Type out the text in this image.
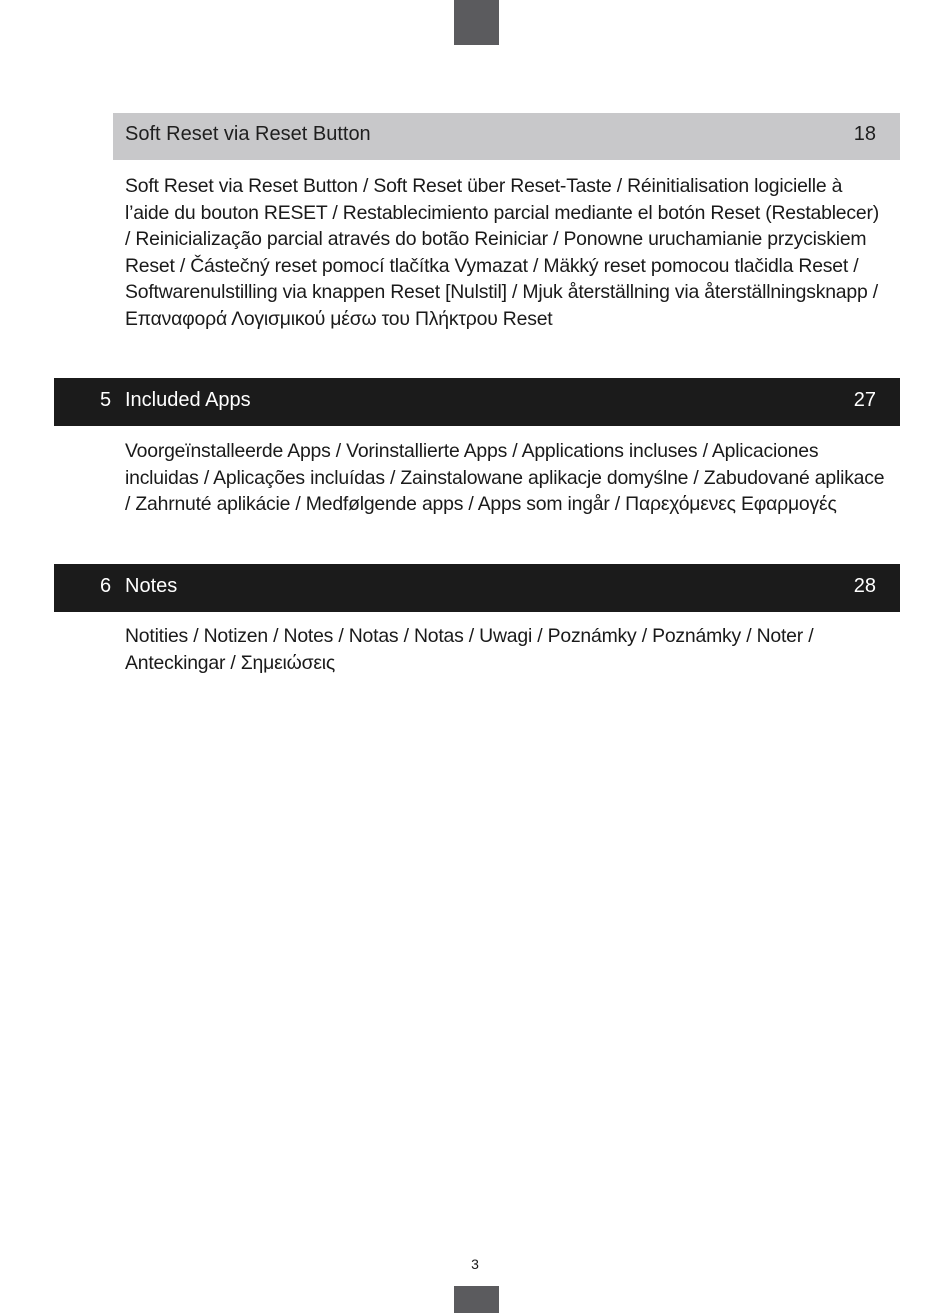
Soft Reset via Reset Button	18
Soft Reset via Reset Button / Soft Reset über Reset-Taste / Réinitialisation logicielle à l’aide du bouton RESET / Restablecimiento parcial mediante el botón Reset (Restablecer) / Reinicialização parcial através do botão Reiniciar / Ponowne uruchamianie przyciskiem Reset / Částečný reset pomocí tlačítka Vymazat / Mäkký reset pomocou tlačidla Reset / Softwarenulstilling via knappen Reset [Nulstil] / Mjuk återställning via återställningsknapp / Επαναφορά Λογισμικού μέσω του Πλήκτρου Reset
5 Included Apps	27
Voorgeïnstalleerde Apps / Vorinstallierte Apps / Applications incluses / Aplicaciones incluidas / Aplicações incluídas / Zainstalowane aplikacje domyślne / Zabudované aplikace / Zahrnuté aplikácie / Medfølgende apps / Apps som ingår / Παρεχόμενες Εφαρμογές
6 Notes	28
Notities / Notizen / Notes / Notas / Notas / Uwagi / Poznámky / Poznámky / Noter / Anteckingar / Σημειώσεις
3
